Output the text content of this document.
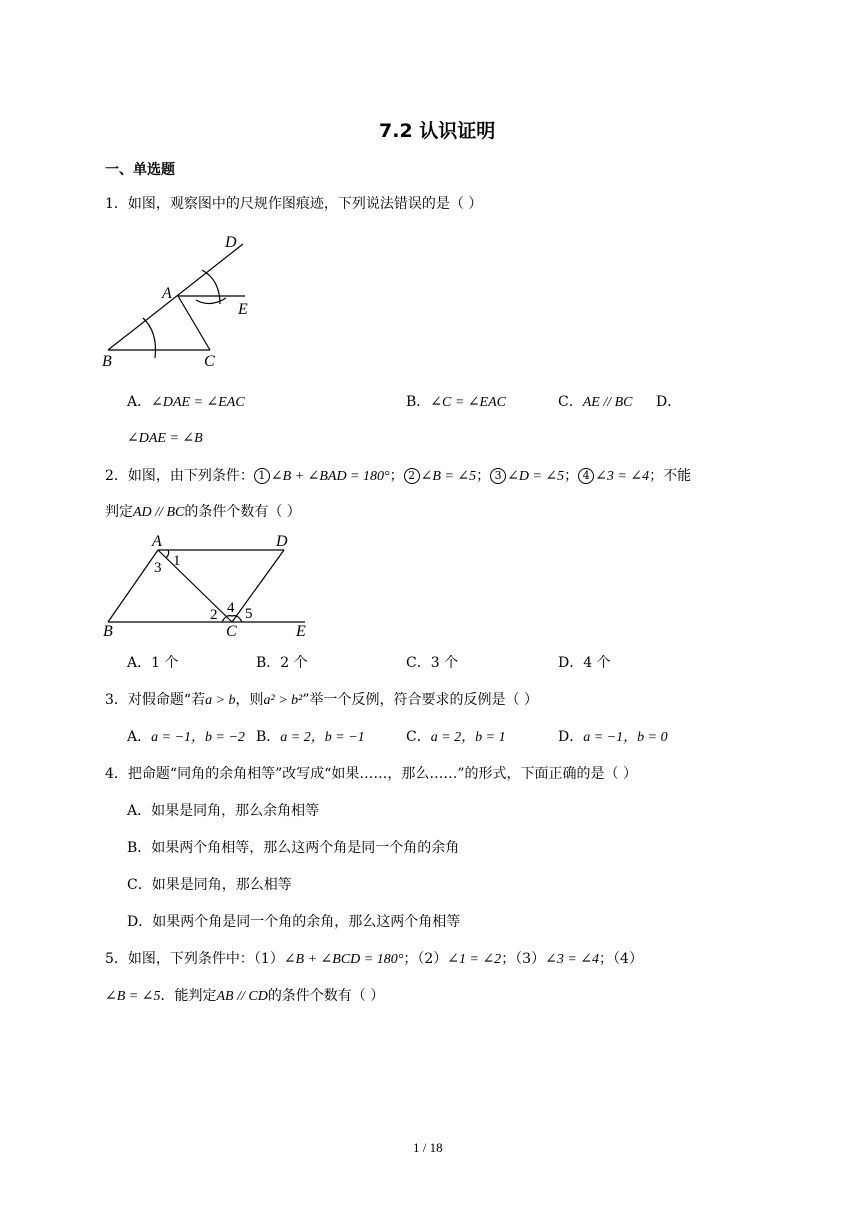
7.2 认识证明
一、单选题
1．如图，观察图中的尺规作图痕迹，下列说法错误的是（ ）
D
A
E
B	C
A．∠DAE = ∠EAC	B．∠C = ∠EAC	C．AE // BC D．
∠DAE = ∠B
2．如图，由下列条件： 1 ∠B + ∠BAD = 180°； 2 ∠B = ∠5； 3 ∠D = ∠5； 4 ∠3 = ∠4；不能
判定AD // BC的条件个数有（ ）
A	D
B	C	E
1
3
2 4 5
A．1 个	B．2 个	C．3 个	D．4 个
3．对假命题“若a > b，则a² > b²”举一个反例，符合要求的反例是（ ）
A．a = −1，b = −2 B．a = 2，b = −1	C．a = 2，b = 1	D．a = −1，b = 0
4．把命题“同角的余角相等”改写成“如果……，那么……”的形式，下面正确的是（ ）
A．如果是同角，那么余角相等
B．如果两个角相等，那么这两个角是同一个角的余角
C．如果是同角，那么相等
D．如果两个角是同一个角的余角，那么这两个角相等
5．如图，下列条件中：（1）∠B + ∠BCD = 180°；（2）∠1 = ∠2；（3）∠3 = ∠4；（4）
∠B = ∠5．能判定AB // CD的条件个数有（ ）
1 / 18
